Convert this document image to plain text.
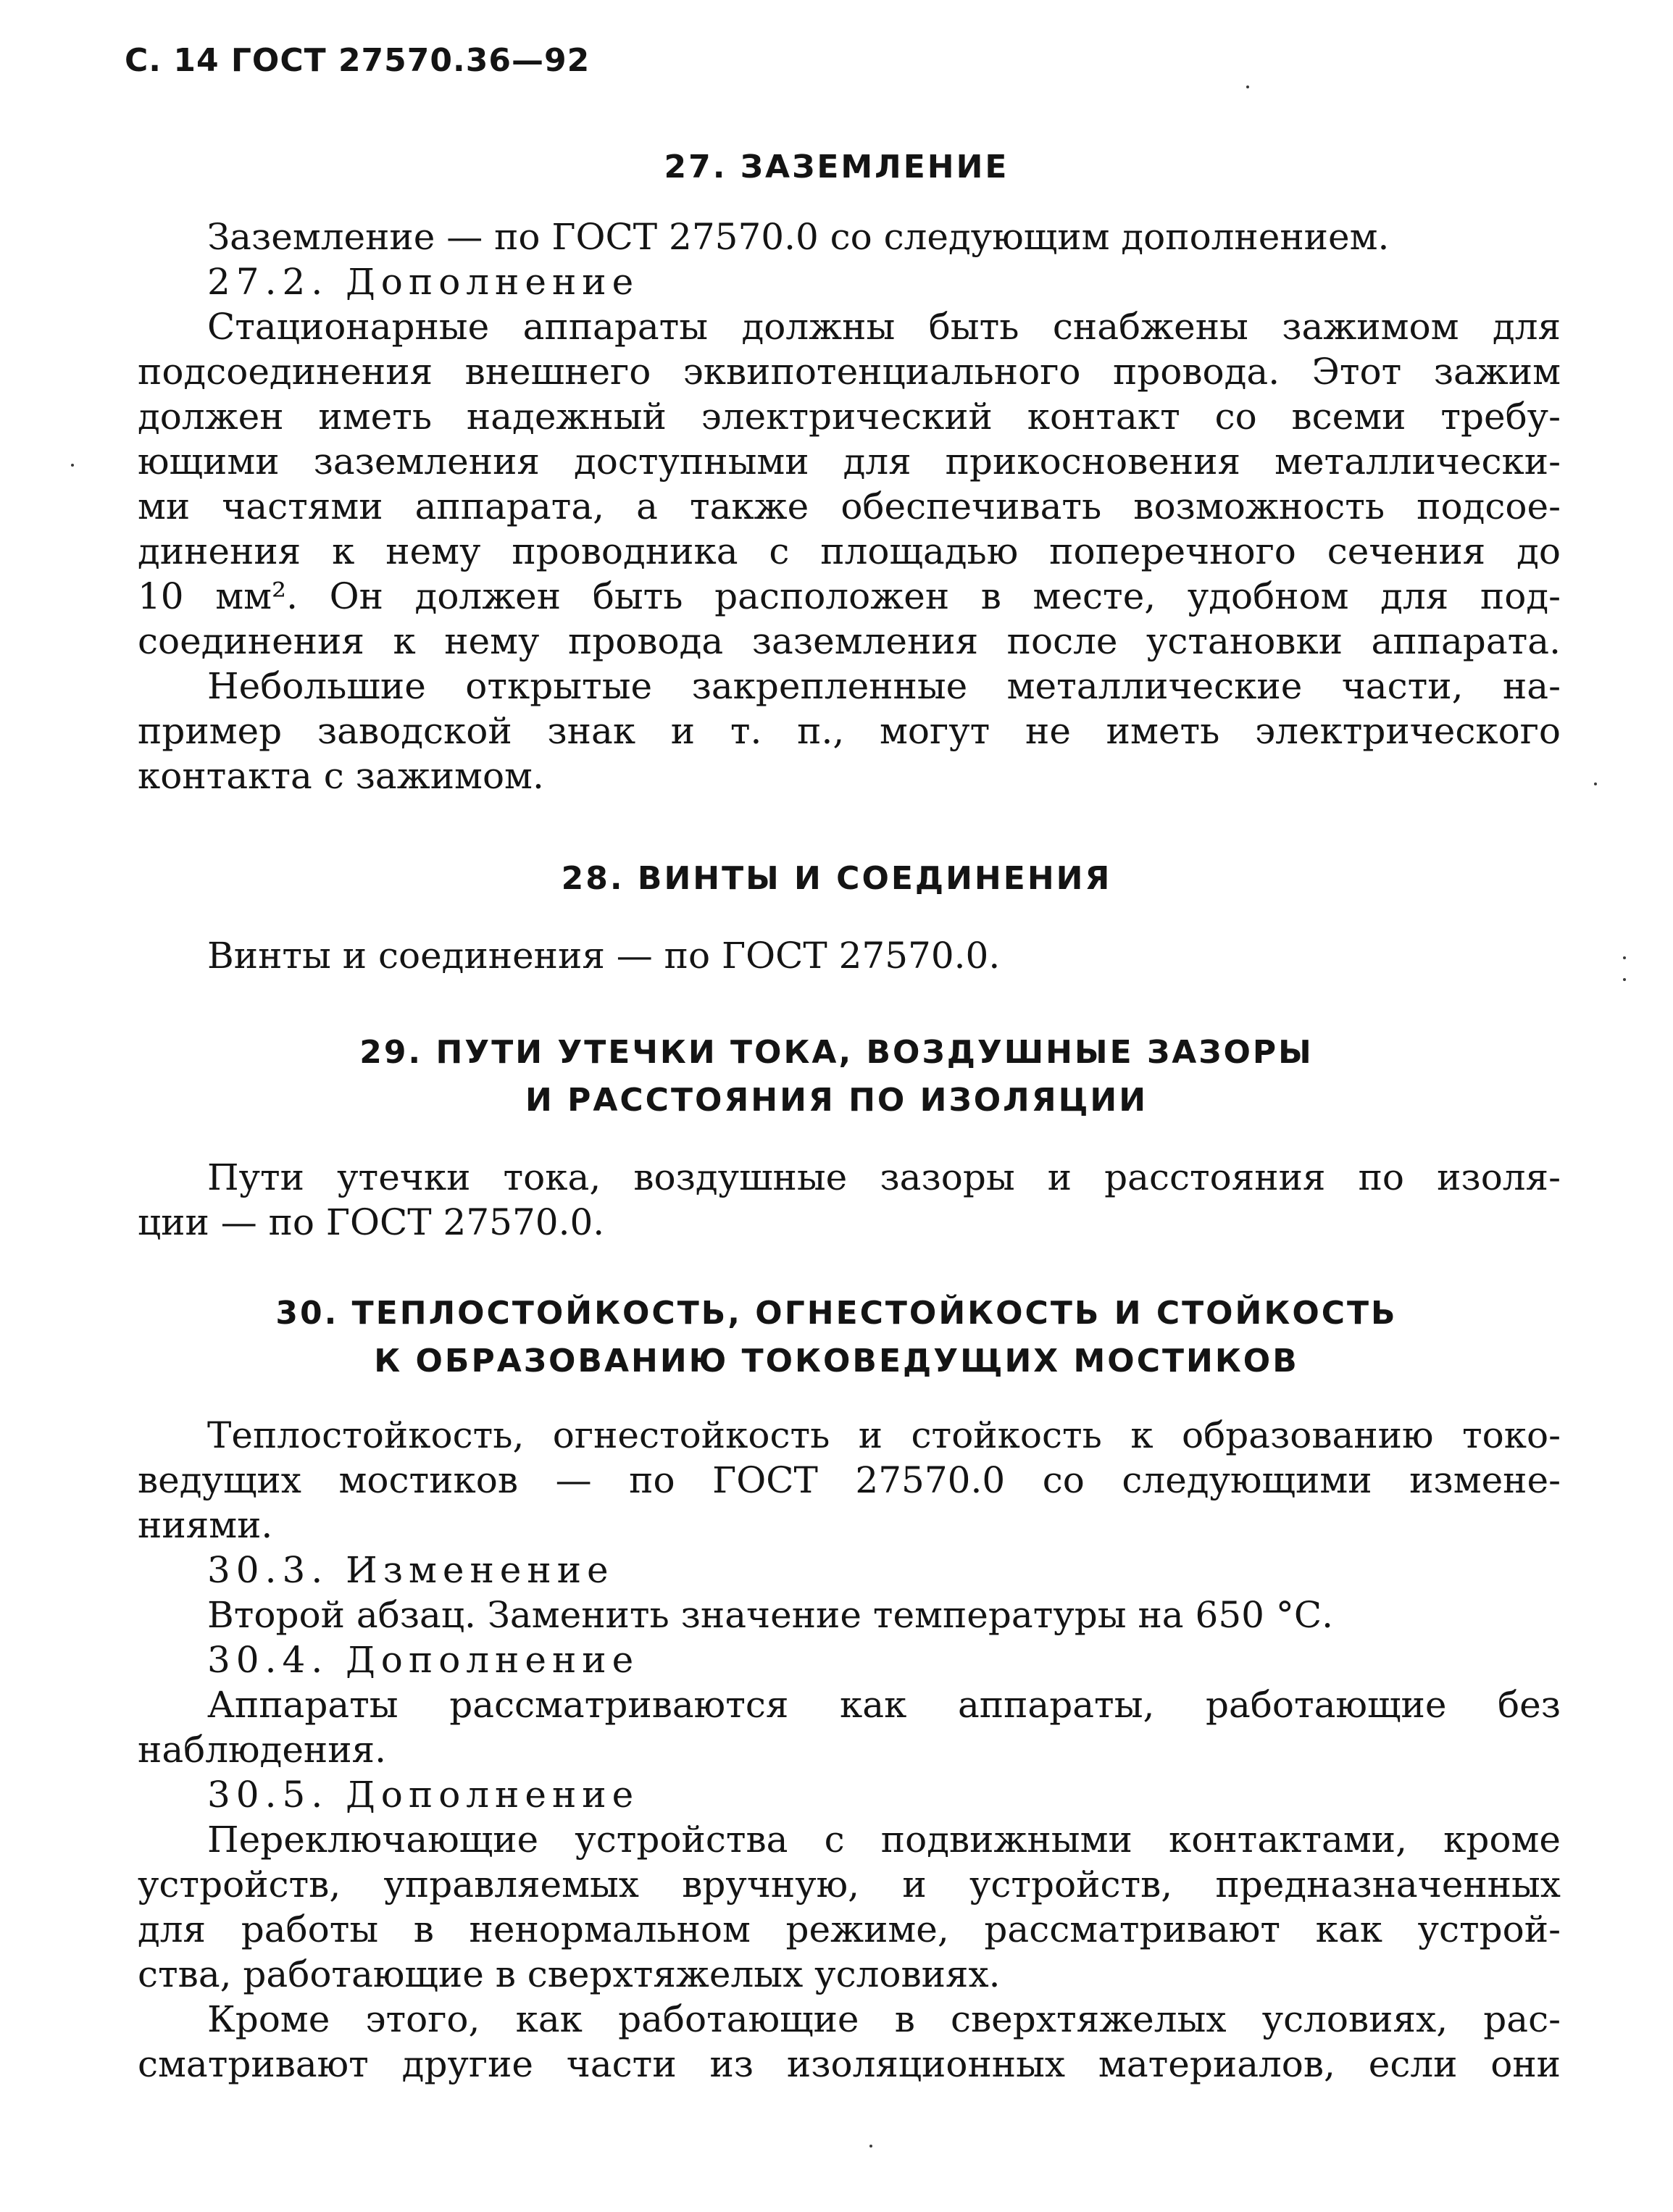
С. 14 ГОСТ 27570.36—92
27. ЗАЗЕМЛЕНИЕ
Заземление — по ГОСТ 27570.0 со следующим дополнением.
27.2. Дополнение
Стационарные аппараты должны быть снабжены зажимом для
подсоединения внешнего эквипотенциального провода. Этот зажим
должен иметь надежный электрический контакт со всеми требу-
ющими заземления доступными для прикосновения металлически-
ми частями аппарата, а также обеспечивать возможность подсое-
динения к нему проводника с площадью поперечного сечения до
10 мм². Он должен быть расположен в месте, удобном для под-
соединения к нему провода заземления после установки аппарата.
Небольшие открытые закрепленные металлические части, на-
пример заводской знак и т. п., могут не иметь электрического
контакта с зажимом.
28. ВИНТЫ И СОЕДИНЕНИЯ
Винты и соединения — по ГОСТ 27570.0.
29. ПУТИ УТЕЧКИ ТОКА, ВОЗДУШНЫЕ ЗАЗОРЫ
И РАССТОЯНИЯ ПО ИЗОЛЯЦИИ
Пути утечки тока, воздушные зазоры и расстояния по изоля-
ции — по ГОСТ 27570.0.
30. ТЕПЛОСТОЙКОСТЬ, ОГНЕСТОЙКОСТЬ И СТОЙКОСТЬ
К ОБРАЗОВАНИЮ ТОКОВЕДУЩИХ МОСТИКОВ
Теплостойкость, огнестойкость и стойкость к образованию токо-
ведущих мостиков — по ГОСТ 27570.0 со следующими измене-
ниями.
30.3. Изменение
Второй абзац. Заменить значение температуры на 650 °С.
30.4. Дополнение
Аппараты рассматриваются как аппараты, работающие без
наблюдения.
30.5. Дополнение
Переключающие устройства с подвижными контактами, кроме
устройств, управляемых вручную, и устройств, предназначенных
для работы в ненормальном режиме, рассматривают как устрой-
ства, работающие в сверхтяжелых условиях.
Кроме этого, как работающие в сверхтяжелых условиях, рас-
сматривают другие части из изоляционных материалов, если они
